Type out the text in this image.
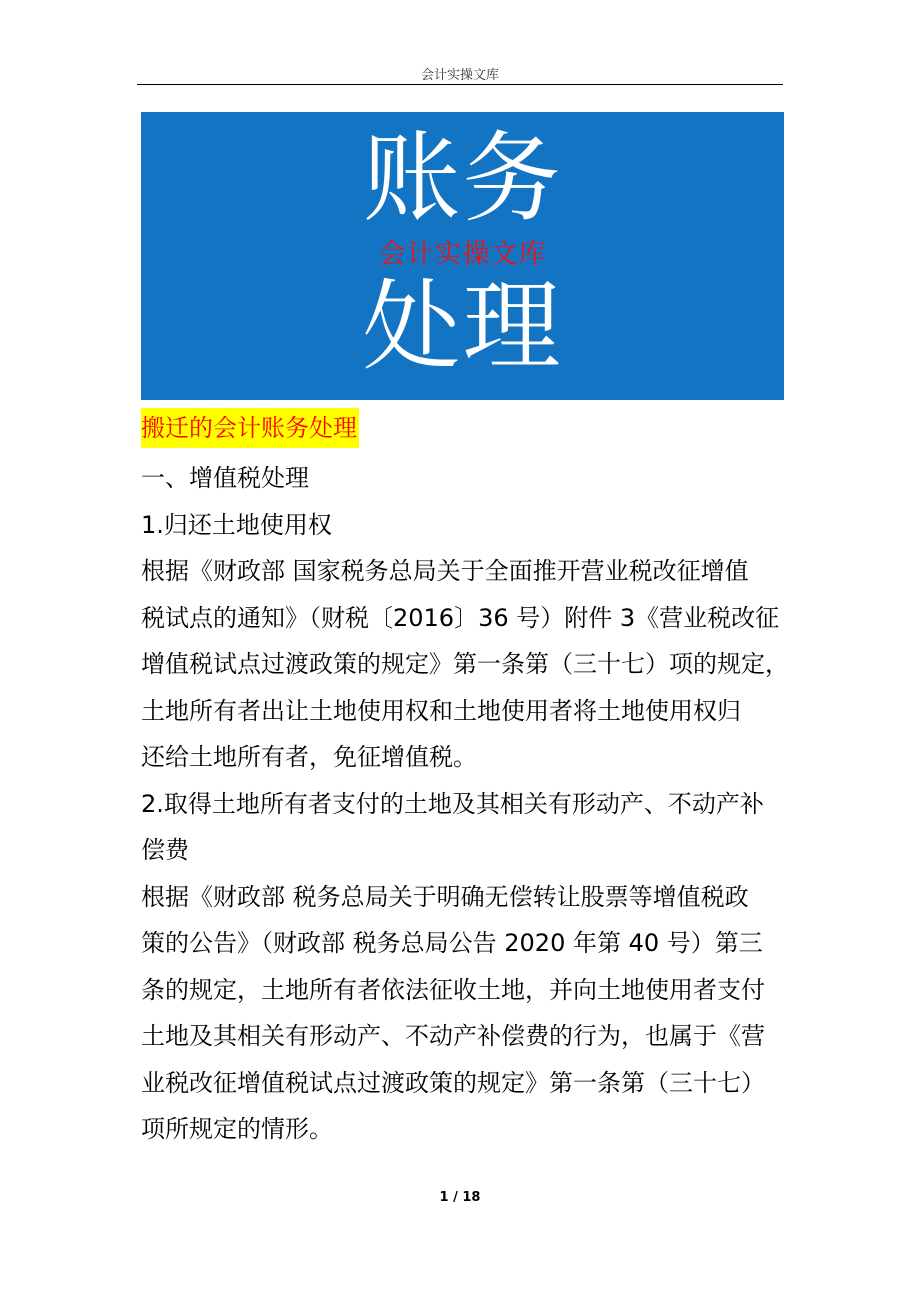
会计实操文库
账务
会计实操文库
处理
搬迁的会计账务处理
一、增值税处理
1.归还土地使用权
根据《财政部 国家税务总局关于全面推开营业税改征增值
税试点的通知》（财税〔2016〕36 号）附件 3《营业税改征
增值税试点过渡政策的规定》第一条第（三十七）项的规定，
土地所有者出让土地使用权和土地使用者将土地使用权归
还给土地所有者，免征增值税。
2.取得土地所有者支付的土地及其相关有形动产、不动产补
偿费
根据《财政部 税务总局关于明确无偿转让股票等增值税政
策的公告》（财政部 税务总局公告 2020 年第 40 号）第三
条的规定，土地所有者依法征收土地，并向土地使用者支付
土地及其相关有形动产、不动产补偿费的行为，也属于《营
业税改征增值税试点过渡政策的规定》第一条第（三十七）
项所规定的情形。
1 / 18
